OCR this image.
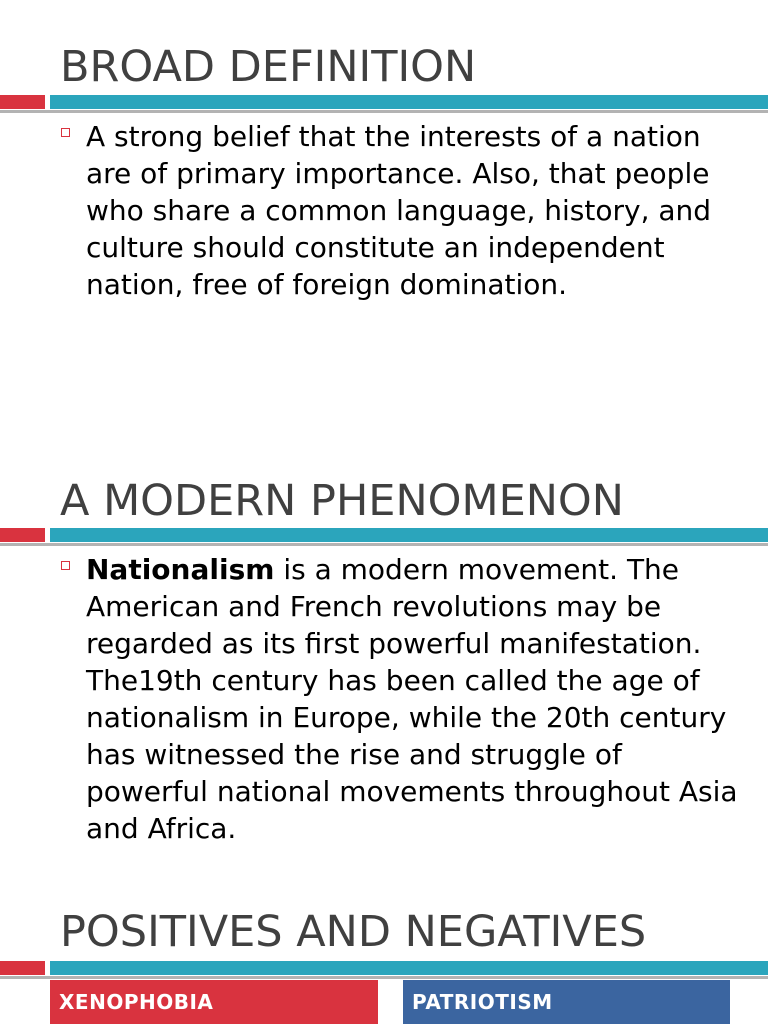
BROAD DEFINITION

A strong belief that the interests of a nation are of primary importance. Also, that people who share a common language, history, and culture should constitute an independent nation, free of foreign domination.

A MODERN PHENOMENON

Nationalism is a modern movement. The American and French revolutions may be regarded as its first powerful manifestation. The19th century has been called the age of nationalism in Europe, while the 20th century has witnessed the rise and struggle of powerful national movements throughout Asia and Africa.

POSITIVES AND NEGATIVES
XENOPHOBIA	PATRIOTISM
